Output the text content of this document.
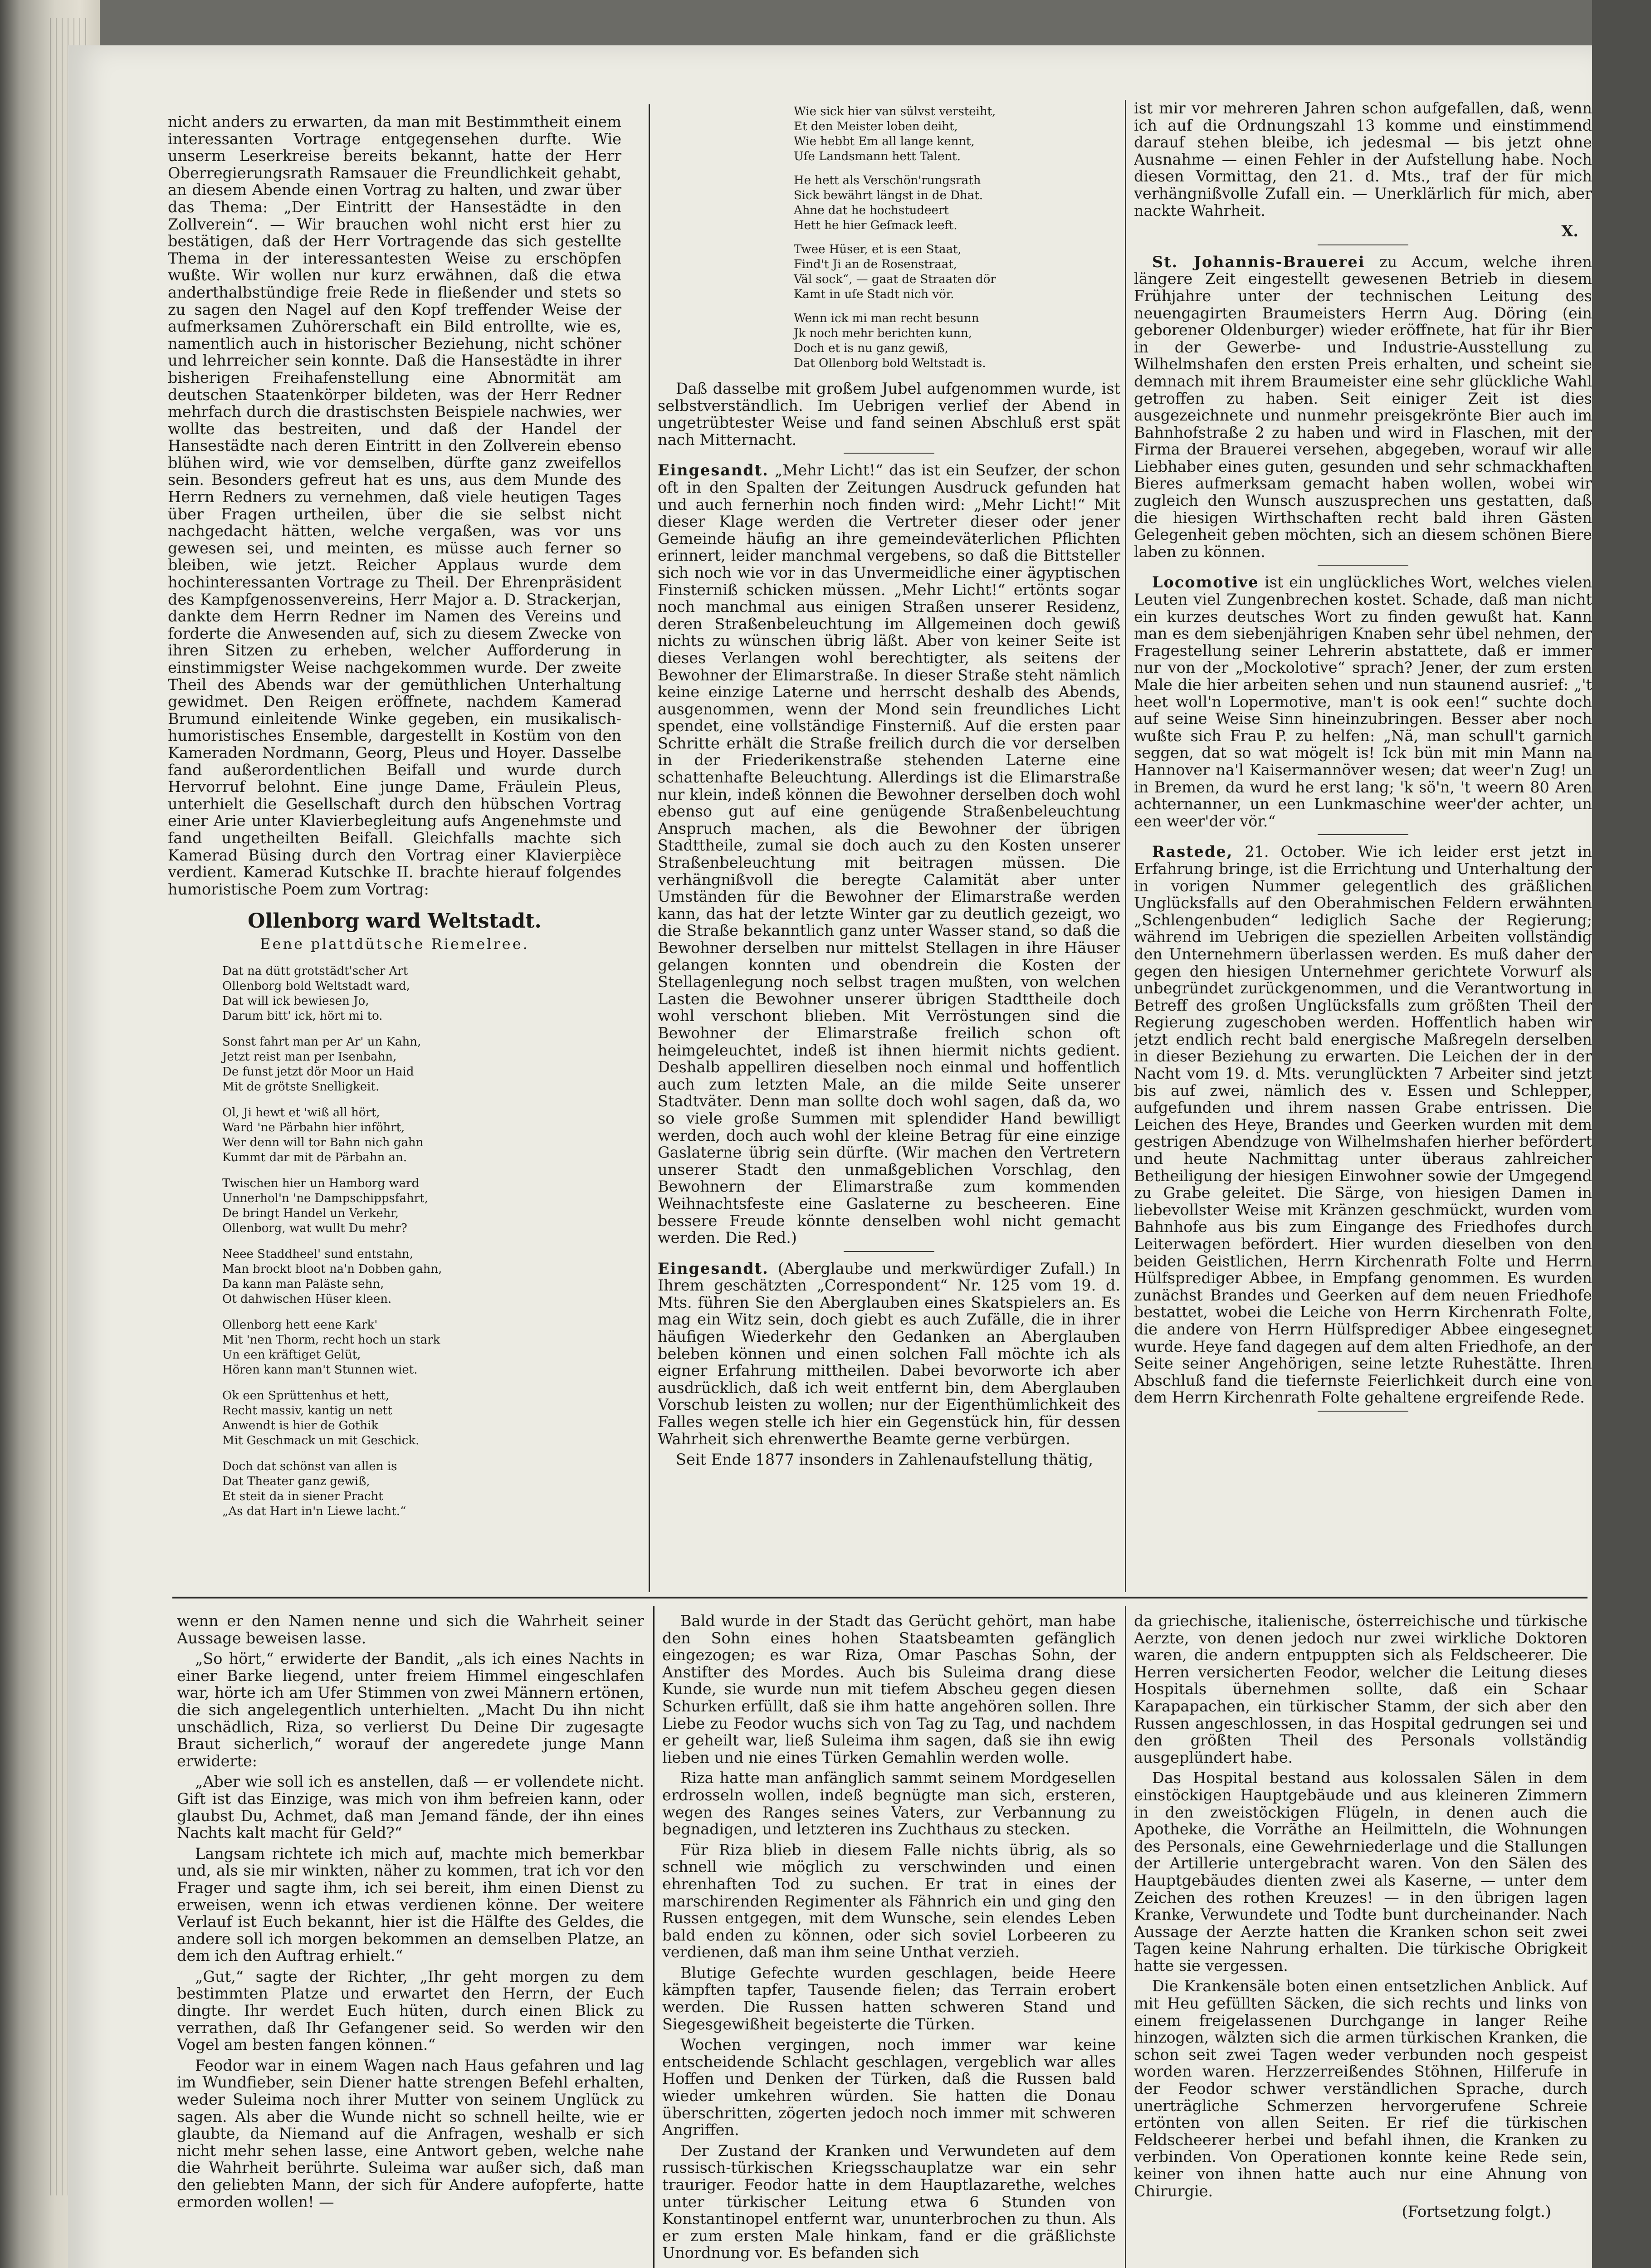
nicht anders zu erwarten, da man mit Bestimmtheit einem interessanten Vortrage entgegensehen durfte. Wie unserm Leserkreise bereits bekannt, hatte der Herr Oberregierungsrath Ramsauer die Freundlichkeit gehabt, an diesem Abende einen Vortrag zu halten, und zwar über das Thema: „Der Eintritt der Hansestädte in den Zollverein“. — Wir brauchen wohl nicht erst hier zu bestätigen, daß der Herr Vortragende das sich gestellte Thema in der interessantesten Weise zu erschöpfen wußte. Wir wollen nur kurz erwähnen, daß die etwa anderthalbstündige freie Rede in fließender und stets so zu sagen den Nagel auf den Kopf treffender Weise der aufmerksamen Zuhörerschaft ein Bild entrollte, wie es, namentlich auch in historischer Beziehung, nicht schöner und lehrreicher sein konnte. Daß die Hansestädte in ihrer bisherigen Freihafenstellung eine Abnormität am deutschen Staatenkörper bildeten, was der Herr Redner mehrfach durch die drastischsten Beispiele nachwies, wer wollte das bestreiten, und daß der Handel der Hansestädte nach deren Eintritt in den Zollverein ebenso blühen wird, wie vor demselben, dürfte ganz zweifellos sein. Besonders gefreut hat es uns, aus dem Munde des Herrn Redners zu vernehmen, daß viele heutigen Tages über Fragen urtheilen, über die sie selbst nicht nachgedacht hätten, welche vergaßen, was vor uns gewesen sei, und meinten, es müsse auch ferner so bleiben, wie jetzt. Reicher Applaus wurde dem hochinteressanten Vortrage zu Theil. Der Ehrenpräsident des Kampfgenossenvereins, Herr Major a. D. Strackerjan, dankte dem Herrn Redner im Namen des Vereins und forderte die Anwesenden auf, sich zu diesem Zwecke von ihren Sitzen zu erheben, welcher Aufforderung in einstimmigster Weise nachgekommen wurde. Der zweite Theil des Abends war der gemüthlichen Unterhaltung gewidmet. Den Reigen eröffnete, nachdem Kamerad Brumund einleitende Winke gegeben, ein musikalisch-humoristisches Ensemble, dargestellt in Kostüm von den Kameraden Nordmann, Georg, Pleus und Hoyer. Dasselbe fand außerordentlichen Beifall und wurde durch Hervorruf belohnt. Eine junge Dame, Fräulein Pleus, unterhielt die Gesellschaft durch den hübschen Vortrag einer Arie unter Klavierbegleitung aufs Angenehmste und fand ungetheilten Beifall. Gleichfalls machte sich Kamerad Büsing durch den Vortrag einer Klavierpièce verdient. Kamerad Kutschke II. brachte hierauf folgendes humoristische Poem zum Vortrag:

Ollenborg ward Weltstadt.
Eene plattdütsche Riemelree.
Dat na dütt grotstädt'scher Art
Ollenborg bold Weltstadt ward,
Dat will ick bewiesen Jo,
Darum bitt' ick, hört mi to.
Sonst fahrt man per Ar' un Kahn,
Jetzt reist man per Isenbahn,
De funst jetzt dör Moor un Haid
Mit de grötste Snelligkeit.
Ol, Ji hewt et 'wiß all hört,
Ward 'ne Pärbahn hier inföhrt,
Wer denn will tor Bahn nich gahn
Kummt dar mit de Pärbahn an.
Twischen hier un Hamborg ward
Unnerhol'n 'ne Dampschippsfahrt,
De bringt Handel un Verkehr,
Ollenborg, wat wullt Du mehr?
Neee Staddheel' sund entstahn,
Man brockt bloot na'n Dobben gahn,
Da kann man Paläste sehn,
Ot dahwischen Hüser kleen.
Ollenborg hett eene Kark'
Mit 'nen Thorm, recht hoch un stark
Un een kräftiget Gelüt,
Hören kann man't Stunnen wiet.
Ok een Sprüttenhus et hett,
Recht massiv, kantig un nett
Anwendt is hier de Gothik
Mit Geschmack un mit Geschick.
Doch dat schönst van allen is
Dat Theater ganz gewiß,
Et steit da in siener Pracht
„As dat Hart in'n Liewe lacht.“
Wie sick hier van sülvst versteiht,
Et den Meister loben deiht,
Wie hebbt Em all lange kennt,
Uſe Landsmann hett Talent.
He hett als Verschön'rungsrath
Sick bewährt längst in de Dhat.
Ahne dat he hochstudeert
Hett he hier Geſmack leeft.
Twee Hüser, et is een Staat,
Find't Ji an de Rosenstraat,
Väl sock“, — gaat de Straaten dör
Kamt in uſe Stadt nich vör.
Wenn ick mi man recht besunn
Jk noch mehr berichten kunn,
Doch et is nu ganz gewiß,
Dat Ollenborg bold Weltstadt is.

Daß dasselbe mit großem Jubel aufgenommen wurde, ist selbstverständlich. Im Uebrigen verlief der Abend in ungetrübtester Weise und fand seinen Abschluß erst spät nach Mitternacht.

Eingesandt. „Mehr Licht!“ das ist ein Seufzer, der schon oft in den Spalten der Zeitungen Ausdruck gefunden hat und auch fernerhin noch finden wird: „Mehr Licht!“ Mit dieser Klage werden die Vertreter dieser oder jener Gemeinde häufig an ihre gemeindeväterlichen Pflichten erinnert, leider manchmal vergebens, so daß die Bittsteller sich noch wie vor in das Unvermeidliche einer ägyptischen Finsterniß schicken müssen. „Mehr Licht!“ ertönts sogar noch manchmal aus einigen Straßen unserer Residenz, deren Straßenbeleuchtung im Allgemeinen doch gewiß nichts zu wünschen übrig läßt. Aber von keiner Seite ist dieses Verlangen wohl berechtigter, als seitens der Bewohner der Elimarstraße. In dieser Straße steht nämlich keine einzige Laterne und herrscht deshalb des Abends, ausgenommen, wenn der Mond sein freundliches Licht spendet, eine vollständige Finsterniß. Auf die ersten paar Schritte erhält die Straße freilich durch die vor derselben in der Friederikenstraße stehenden Laterne eine schattenhafte Beleuchtung. Allerdings ist die Elimarstraße nur klein, indeß können die Bewohner derselben doch wohl ebenso gut auf eine genügende Straßenbeleuchtung Anspruch machen, als die Bewohner der übrigen Stadttheile, zumal sie doch auch zu den Kosten unserer Straßenbeleuchtung mit beitragen müssen. Die verhängnißvoll die beregte Calamität aber unter Umständen für die Bewohner der Elimarstraße werden kann, das hat der letzte Winter gar zu deutlich gezeigt, wo die Straße bekanntlich ganz unter Wasser stand, so daß die Bewohner derselben nur mittelst Stellagen in ihre Häuser gelangen konnten und obendrein die Kosten der Stellagenlegung noch selbst tragen mußten, von welchen Lasten die Bewohner unserer übrigen Stadttheile doch wohl verschont blieben. Mit Verröstungen sind die Bewohner der Elimarstraße freilich schon oft heimgeleuchtet, indeß ist ihnen hiermit nichts gedient. Deshalb appelliren dieselben noch einmal und hoffentlich auch zum letzten Male, an die milde Seite unserer Stadtväter. Denn man sollte doch wohl sagen, daß da, wo so viele große Summen mit splendider Hand bewilligt werden, doch auch wohl der kleine Betrag für eine einzige Gaslaterne übrig sein dürfte. (Wir machen den Vertretern unserer Stadt den unmaßgeblichen Vorschlag, den Bewohnern der Elimarstraße zum kommenden Weihnachtsfeste eine Gaslaterne zu bescheeren. Eine bessere Freude könnte denselben wohl nicht gemacht werden. Die Red.)

Eingesandt. (Aberglaube und merkwürdiger Zufall.) In Ihrem geschätzten „Correspondent“ Nr. 125 vom 19. d. Mts. führen Sie den Aberglauben eines Skatspielers an. Es mag ein Witz sein, doch giebt es auch Zufälle, die in ihrer häufigen Wiederkehr den Gedanken an Aberglauben beleben können und einen solchen Fall möchte ich als eigner Erfahrung mittheilen. Dabei bevorworte ich aber ausdrücklich, daß ich weit entfernt bin, dem Aberglauben Vorschub leisten zu wollen; nur der Eigenthümlichkeit des Falles wegen stelle ich hier ein Gegenstück hin, für dessen Wahrheit sich ehrenwerthe Beamte gerne verbürgen.

Seit Ende 1877 insonders in Zahlenaufstellung thätig,

ist mir vor mehreren Jahren schon aufgefallen, daß, wenn ich auf die Ordnungszahl 13 komme und einstimmend darauf stehen bleibe, ich jedesmal — bis jetzt ohne Ausnahme — einen Fehler in der Aufstellung habe. Noch diesen Vormittag, den 21. d. Mts., traf der für mich verhängnißvolle Zufall ein. — Unerklärlich für mich, aber nackte Wahrheit.

X.

St. Johannis-Brauerei zu Accum, welche ihren längere Zeit eingestellt gewesenen Betrieb in diesem Frühjahre unter der technischen Leitung des neuengagirten Braumeisters Herrn Aug. Döring (ein geborener Oldenburger) wieder eröffnete, hat für ihr Bier in der Gewerbe- und Industrie-Ausstellung zu Wilhelmshafen den ersten Preis erhalten, und scheint sie demnach mit ihrem Braumeister eine sehr glückliche Wahl getroffen zu haben. Seit einiger Zeit ist dies ausgezeichnete und nunmehr preisgekrönte Bier auch im Bahnhofstraße 2 zu haben und wird in Flaschen, mit der Firma der Brauerei versehen, abgegeben, worauf wir alle Liebhaber eines guten, gesunden und sehr schmackhaften Bieres aufmerksam gemacht haben wollen, wobei wir zugleich den Wunsch auszusprechen uns gestatten, daß die hiesigen Wirthschaften recht bald ihren Gästen Gelegenheit geben möchten, sich an diesem schönen Biere laben zu können.

Locomotive ist ein unglückliches Wort, welches vielen Leuten viel Zungenbrechen kostet. Schade, daß man nicht ein kurzes deutsches Wort zu finden gewußt hat. Kann man es dem siebenjährigen Knaben sehr übel nehmen, der Fragestellung seiner Lehrerin abstattete, daß er immer nur von der „Mockolotive“ sprach? Jener, der zum ersten Male die hier arbeiten sehen und nun staunend ausrief: „'t heet woll'n Lopermotive, man't is ook een!“ suchte doch auf seine Weise Sinn hineinzubringen. Besser aber noch wußte sich Frau P. zu helfen: „Nä, man schull't garnich seggen, dat so wat mögelt is! Ick bün mit min Mann na Hannover na'l Kaisermannöver wesen; dat weer'n Zug! un in Bremen, da wurd he erst lang; 'k sö'n, 't weern 80 Aren achternanner, un een Lunkmaschine weer'der achter, un een weer'der vör.“

Rastede, 21. October. Wie ich leider erst jetzt in Erfahrung bringe, ist die Errichtung und Unterhaltung der in vorigen Nummer gelegentlich des gräßlichen Unglücksfalls auf den Oberahmischen Feldern erwähnten „Schlengenbuden“ lediglich Sache der Regierung; während im Uebrigen die speziellen Arbeiten vollständig den Unternehmern überlassen werden. Es muß daher der gegen den hiesigen Unternehmer gerichtete Vorwurf als unbegründet zurückgenommen, und die Verantwortung in Betreff des großen Unglücksfalls zum größten Theil der Regierung zugeschoben werden. Hoffentlich haben wir jetzt endlich recht bald energische Maßregeln derselben in dieser Beziehung zu erwarten. Die Leichen der in der Nacht vom 19. d. Mts. verunglückten 7 Arbeiter sind jetzt bis auf zwei, nämlich des v. Essen und Schlepper, aufgefunden und ihrem nassen Grabe entrissen. Die Leichen des Heye, Brandes und Geerken wurden mit dem gestrigen Abendzuge von Wilhelmshafen hierher befördert und heute Nachmittag unter überaus zahlreicher Betheiligung der hiesigen Einwohner sowie der Umgegend zu Grabe geleitet. Die Särge, von hiesigen Damen in liebevollster Weise mit Kränzen geschmückt, wurden vom Bahnhofe aus bis zum Eingange des Friedhofes durch Leiterwagen befördert. Hier wurden dieselben von den beiden Geistlichen, Herrn Kirchenrath Folte und Herrn Hülfsprediger Abbee, in Empfang genommen. Es wurden zunächst Brandes und Geerken auf dem neuen Friedhofe bestattet, wobei die Leiche von Herrn Kirchenrath Folte, die andere von Herrn Hülfsprediger Abbee eingesegnet wurde. Heye fand dagegen auf dem alten Friedhofe, an der Seite seiner Angehörigen, seine letzte Ruhestätte. Ihren Abschluß fand die tiefernste Feierlichkeit durch eine von dem Herrn Kirchenrath Folte gehaltene ergreifende Rede.

wenn er den Namen nenne und sich die Wahrheit seiner Aussage beweisen lasse.

„So hört,“ erwiderte der Bandit, „als ich eines Nachts in einer Barke liegend, unter freiem Himmel eingeschlafen war, hörte ich am Ufer Stimmen von zwei Männern ertönen, die sich angelegentlich unterhielten. „Macht Du ihn nicht unschädlich, Riza, so verlierst Du Deine Dir zugesagte Braut sicherlich,“ worauf der angeredete junge Mann erwiderte:

„Aber wie soll ich es anstellen, daß — er vollendete nicht. Gift ist das Einzige, was mich von ihm befreien kann, oder glaubst Du, Achmet, daß man Jemand fände, der ihn eines Nachts kalt macht für Geld?“

Langsam richtete ich mich auf, machte mich bemerkbar und, als sie mir winkten, näher zu kommen, trat ich vor den Frager und sagte ihm, ich sei bereit, ihm einen Dienst zu erweisen, wenn ich etwas verdienen könne. Der weitere Verlauf ist Euch bekannt, hier ist die Hälfte des Geldes, die andere soll ich morgen bekommen an demselben Platze, an dem ich den Auftrag erhielt.“

„Gut,“ sagte der Richter, „Ihr geht morgen zu dem bestimmten Platze und erwartet den Herrn, der Euch dingte. Ihr werdet Euch hüten, durch einen Blick zu verrathen, daß Ihr Gefangener seid. So werden wir den Vogel am besten fangen können.“

Feodor war in einem Wagen nach Haus gefahren und lag im Wundfieber, sein Diener hatte strengen Befehl erhalten, weder Suleima noch ihrer Mutter von seinem Unglück zu sagen. Als aber die Wunde nicht so schnell heilte, wie er glaubte, da Niemand auf die Anfragen, weshalb er sich nicht mehr sehen lasse, eine Antwort geben, welche nahe die Wahrheit berührte. Suleima war außer sich, daß man den geliebten Mann, der sich für Andere aufopferte, hatte ermorden wollen! —

Bald wurde in der Stadt das Gerücht gehört, man habe den Sohn eines hohen Staatsbeamten gefänglich eingezogen; es war Riza, Omar Paschas Sohn, der Anstifter des Mordes. Auch bis Suleima drang diese Kunde, sie wurde nun mit tiefem Abscheu gegen diesen Schurken erfüllt, daß sie ihm hatte angehören sollen. Ihre Liebe zu Feodor wuchs sich von Tag zu Tag, und nachdem er geheilt war, ließ Suleima ihm sagen, daß sie ihn ewig lieben und nie eines Türken Gemahlin werden wolle.

Riza hatte man anfänglich sammt seinem Mordgesellen erdrosseln wollen, indeß begnügte man sich, ersteren, wegen des Ranges seines Vaters, zur Verbannung zu begnadigen, und letzteren ins Zuchthaus zu stecken.

Für Riza blieb in diesem Falle nichts übrig, als so schnell wie möglich zu verschwinden und einen ehrenhaften Tod zu suchen. Er trat in eines der marschirenden Regimenter als Fähnrich ein und ging den Russen entgegen, mit dem Wunsche, sein elendes Leben bald enden zu können, oder sich soviel Lorbeeren zu verdienen, daß man ihm seine Unthat verzieh.

Blutige Gefechte wurden geschlagen, beide Heere kämpften tapfer, Tausende fielen; das Terrain erobert werden. Die Russen hatten schweren Stand und Siegesgewißheit begeisterte die Türken.

Wochen vergingen, noch immer war keine entscheidende Schlacht geschlagen, vergeblich war alles Hoffen und Denken der Türken, daß die Russen bald wieder umkehren würden. Sie hatten die Donau überschritten, zögerten jedoch noch immer mit schweren Angriffen.

Der Zustand der Kranken und Verwundeten auf dem russisch-türkischen Kriegsschauplatze war ein sehr trauriger. Feodor hatte in dem Hauptlazarethe, welches unter türkischer Leitung etwa 6 Stunden von Konstantinopel entfernt war, ununterbrochen zu thun. Als er zum ersten Male hinkam, fand er die gräßlichste Unordnung vor. Es befanden sich

da griechische, italienische, österreichische und türkische Aerzte, von denen jedoch nur zwei wirkliche Doktoren waren, die andern entpuppten sich als Feldscheerer. Die Herren versicherten Feodor, welcher die Leitung dieses Hospitals übernehmen sollte, daß ein Schaar Karapapachen, ein türkischer Stamm, der sich aber den Russen angeschlossen, in das Hospital gedrungen sei und den größten Theil des Personals vollständig ausgeplündert habe.

Das Hospital bestand aus kolossalen Sälen in dem einstöckigen Hauptgebäude und aus kleineren Zimmern in den zweistöckigen Flügeln, in denen auch die Apotheke, die Vorräthe an Heilmitteln, die Wohnungen des Personals, eine Gewehrniederlage und die Stallungen der Artillerie untergebracht waren. Von den Sälen des Hauptgebäudes dienten zwei als Kaserne, — unter dem Zeichen des rothen Kreuzes! — in den übrigen lagen Kranke, Verwundete und Todte bunt durcheinander. Nach Aussage der Aerzte hatten die Kranken schon seit zwei Tagen keine Nahrung erhalten. Die türkische Obrigkeit hatte sie vergessen.

Die Krankensäle boten einen entsetzlichen Anblick. Auf mit Heu gefüllten Säcken, die sich rechts und links von einem freigelassenen Durchgange in langer Reihe hinzogen, wälzten sich die armen türkischen Kranken, die schon seit zwei Tagen weder verbunden noch gespeist worden waren. Herzzerreißendes Stöhnen, Hilferufe in der Feodor schwer verständlichen Sprache, durch unerträgliche Schmerzen hervorgerufene Schreie ertönten von allen Seiten. Er rief die türkischen Feldscheerer herbei und befahl ihnen, die Kranken zu verbinden. Von Operationen konnte keine Rede sein, keiner von ihnen hatte auch nur eine Ahnung von Chirurgie.

(Fortsetzung folgt.)
